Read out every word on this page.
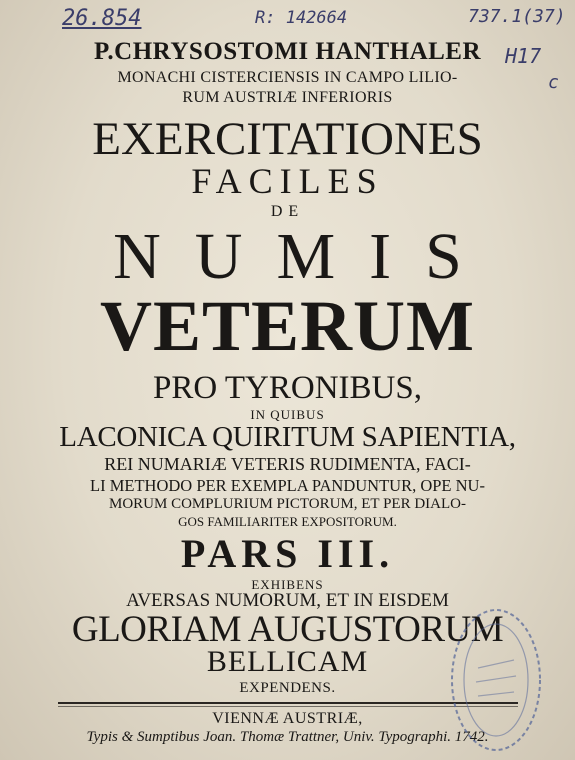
26.854	R: 142664	737.1(37)
H17
c
P.CHRYSOSTOMI HANTHALER
MONACHI CISTERCIENSIS IN CAMPO LILIO-
RUM AUSTRIÆ INFERIORIS
EXERCITATIONES
FACILES
DE
NUMIS
VETERUM
PRO TYRONIBUS,
IN QUIBUS
LACONICA QUIRITUM SAPIENTIA,
REI NUMARIÆ VETERIS RUDIMENTA, FACI-
LI METHODO PER EXEMPLA PANDUNTUR, OPE NU-
MORUM COMPLURIUM PICTORUM, ET PER DIALO-
GOS FAMILIARITER EXPOSITORUM.
PARS III.
EXHIBENS
AVERSAS NUMORUM, ET IN EISDEM
GLORIAM AUGUSTORUM
BELLICAM
EXPENDENS.
VIENNÆ AUSTRIÆ,
Typis & Sumptibus Joan. Thomæ Trattner, Univ. Typographi. 1742.
